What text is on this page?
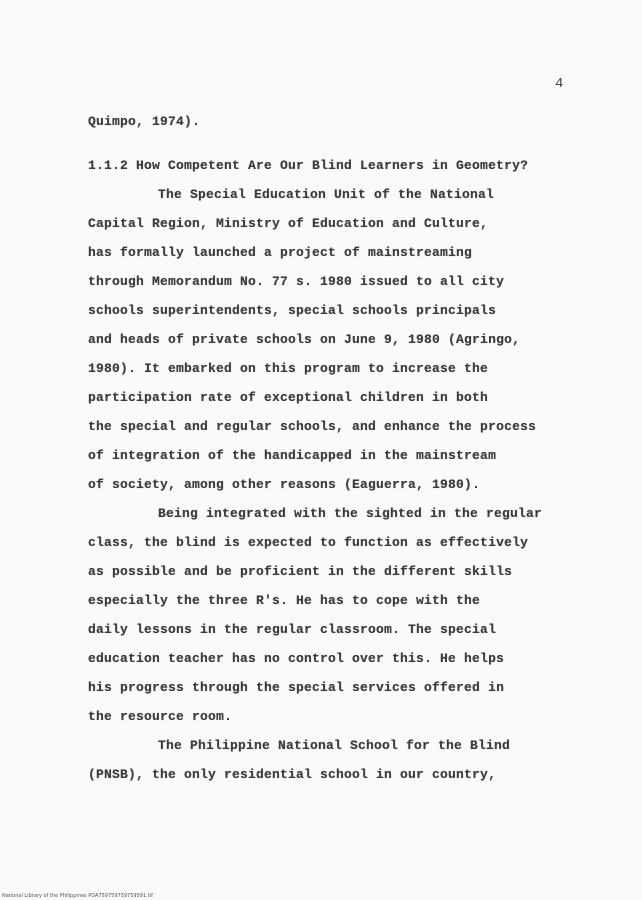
4
Quimpo, 1974).
1.1.2 How Competent Are Our Blind Learners in Geometry?
The Special Education Unit of the National
Capital Region, Ministry of Education and Culture,
has formally launched a project of mainstreaming
through Memorandum No. 77 s. 1980 issued to all city
schools superintendents, special schools principals
and heads of private schools on June 9, 1980 (Agringo,
1980). It embarked on this program to increase the
participation rate of exceptional children in both
the special and regular schools, and enhance the process
of integration of the handicapped in the mainstream
of society, among other reasons (Eaguerra, 1980).
Being integrated with the sighted in the regular
class, the blind is expected to function as effectively
as possible and be proficient in the different skills
especially the three R's. He has to cope with the
daily lessons in the regular classroom. The special
education teacher has no control over this. He helps
his progress through the special services offered in
the resource room.
The Philippine National School for the Blind
(PNSB), the only residential school in our country,
National Library of the Philippines PDA759759759759591.tif
